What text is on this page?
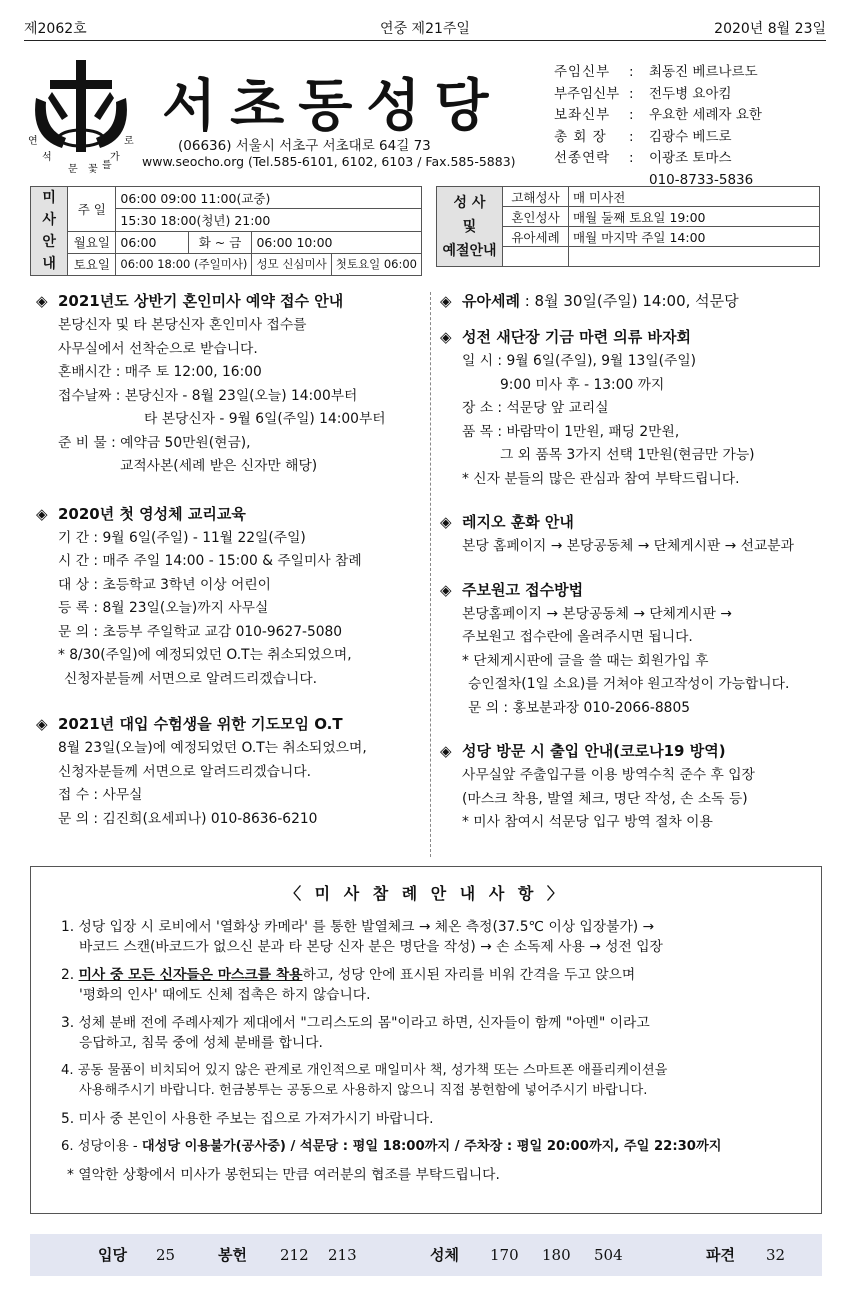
제2062호	연중 제21주일	2020년 8월 23일
연
석
문 꽃
가
로
를
서초동성당
(06636) 서울시 서초구 서초대로 64길 73
www.seocho.org (Tel.585-6101, 6102, 6103 / Fax.585-5883)
주임신부 : 최동진 베르나르도
부주임신부 : 전두병 요아킴
보좌신부 : 우요한 세례자 요한
총 회 장 : 김광수 베드로
선종연락 : 이광조 토마스
010-8733-5836
미 사
안 내	주 일	06:00 09:00 11:00(교중)			
		15:30 18:00(청년) 21:00			
	월요일	06:00	화 ~ 금	06:00 10:00	
	토요일	06:00 18:00 (주일미사)		성모 신심미사	첫토요일 06:00
성 사
및
예절안내	고해성사	매 미사전
	혼인성사	매월 둘째 토요일 19:00
	유아세례	매월 마지막 주일 14:00

◈ 2021년도 상반기 혼인미사 예약 접수 안내
본당신자 및 타 본당신자 혼인미사 접수를
사무실에서 선착순으로 받습니다.
혼배시간 : 매주 토 12:00, 16:00
접수날짜 : 본당신자 - 8월 23일(오늘) 14:00부터
타 본당신자 - 9월 6일(주일) 14:00부터
준 비 물 : 예약금 50만원(현금),
교적사본(세례 받은 신자만 해당)
◈ 2020년 첫 영성체 교리교육
기 간 : 9월 6일(주일) - 11월 22일(주일)
시 간 : 매주 주일 14:00 - 15:00 & 주일미사 참례
대 상 : 초등학교 3학년 이상 어린이
등 록 : 8월 23일(오늘)까지 사무실
문 의 : 초등부 주일학교 교감 010-9627-5080
* 8/30(주일)에 예정되었던 O.T는 취소되었으며,
신청자분들께 서면으로 알려드리겠습니다.
◈ 2021년 대입 수험생을 위한 기도모임 O.T
8월 23일(오늘)에 예정되었던 O.T는 취소되었으며,
신청자분들께 서면으로 알려드리겠습니다.
접 수 : 사무실
문 의 : 김진희(요세피나) 010-8636-6210
◈ 유아세례 : 8월 30일(주일) 14:00, 석문당
◈ 성전 새단장 기금 마련 의류 바자회
일 시 : 9월 6일(주일), 9월 13일(주일)
9:00 미사 후 - 13:00 까지
장 소 : 석문당 앞 교리실
품 목 : 바람막이 1만원, 패딩 2만원,
그 외 품목 3가지 선택 1만원(현금만 가능)
* 신자 분들의 많은 관심과 참여 부탁드립니다.
◈ 레지오 훈화 안내
본당 홈페이지 → 본당공동체 → 단체게시판 → 선교분과
◈ 주보원고 접수방법
본당홈페이지 → 본당공동체 → 단체게시판 →
주보원고 접수란에 올려주시면 됩니다.
* 단체게시판에 글을 쓸 때는 회원가입 후
승인절차(1일 소요)를 거쳐야 원고작성이 가능합니다.
문 의 : 홍보분과장 010-2066-8805
◈ 성당 방문 시 출입 안내(코로나19 방역)
사무실앞 주출입구를 이용 방역수칙 준수 후 입장
(마스크 착용, 발열 체크, 명단 작성, 손 소독 등)
* 미사 참여시 석문당 입구 방역 절차 이용
〈 미 사 참 례 안 내 사 항 〉
1. 성당 입장 시 로비에서 '열화상 카메라' 를 통한 발열체크 → 체온 측정(37.5℃ 이상 입장불가) →
바코드 스캔(바코드가 없으신 분과 타 본당 신자 분은 명단을 작성) → 손 소독제 사용 → 성전 입장
2. 미사 중 모든 신자들은 마스크를 착용하고, 성당 안에 표시된 자리를 비워 간격을 두고 앉으며
'평화의 인사' 때에도 신체 접촉은 하지 않습니다.
3. 성체 분배 전에 주례사제가 제대에서 "그리스도의 몸"이라고 하면, 신자들이 함께 "아멘" 이라고
응답하고, 침묵 중에 성체 분배를 합니다.
4. 공동 물품이 비치되어 있지 않은 관계로 개인적으로 매일미사 책, 성가책 또는 스마트폰 애플리케이션을
사용해주시기 바랍니다. 헌금봉투는 공동으로 사용하지 않으니 직접 봉헌함에 넣어주시기 바랍니다.
5. 미사 중 본인이 사용한 주보는 집으로 가져가시기 바랍니다.
6. 성당이용 - 대성당 이용불가(공사중) / 석문당 : 평일 18:00까지 / 주차장 : 평일 20:00까지, 주일 22:30까지
* 열악한 상황에서 미사가 봉헌되는 만큼 여러분의 협조를 부탁드립니다.
입당 25	봉헌 212 213	성체 170 180 504	파견 32
